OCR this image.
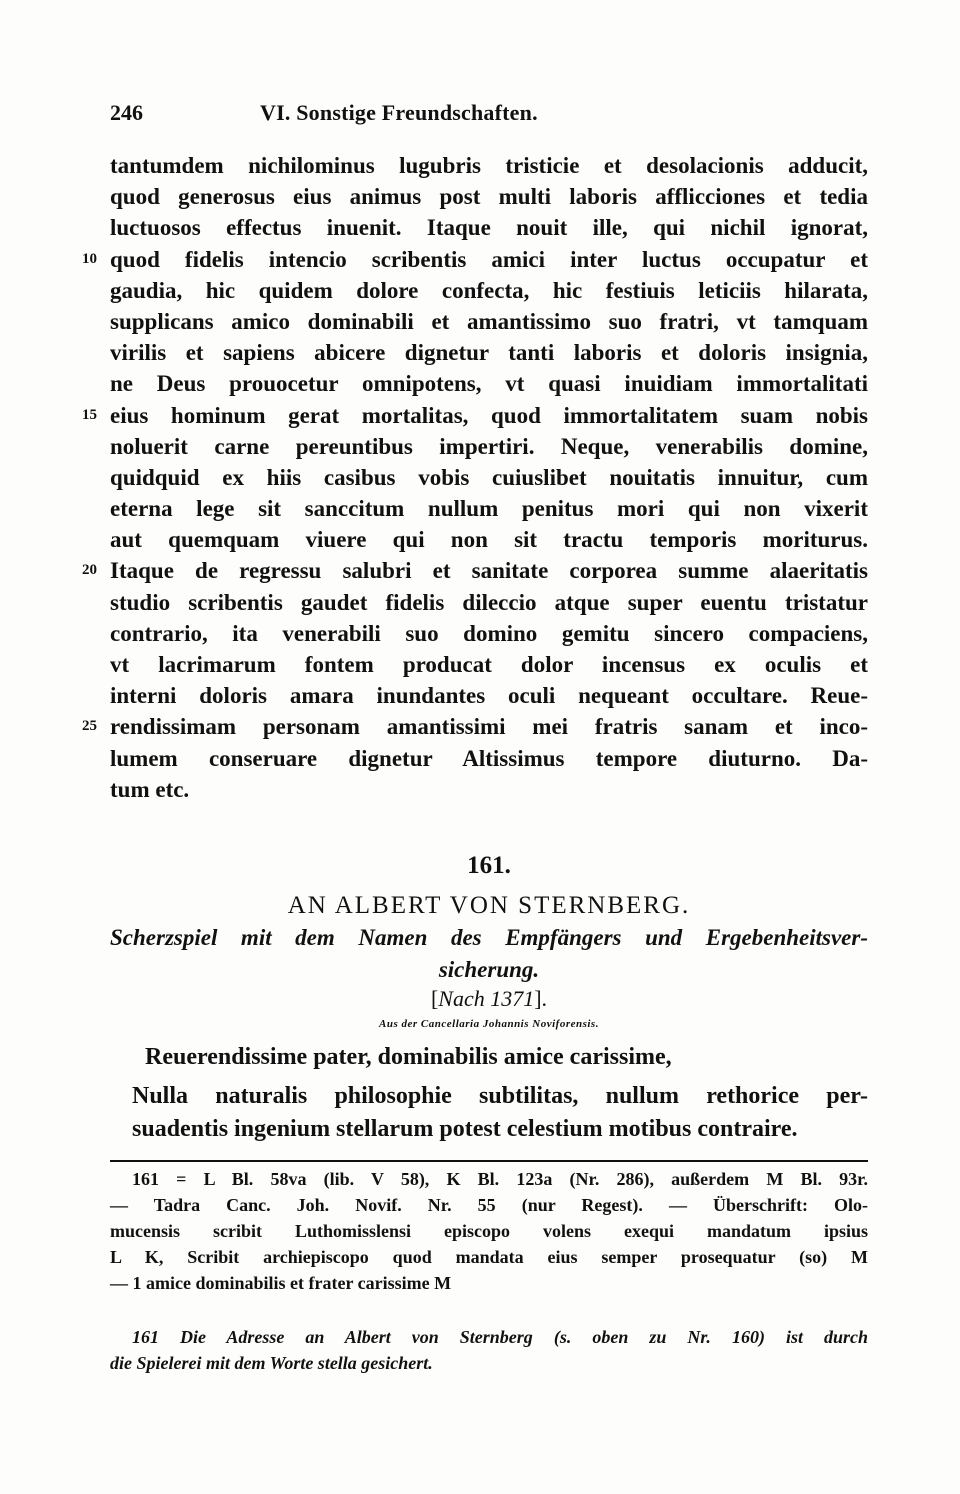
246	VI. Sonstige Freundschaften.
tantumdem nichilominus lugubris tristicie et desolacionis adducit,
quod generosus eius animus post multi laboris afflicciones et tedia
luctuosos effectus inuenit. Itaque nouit ille, qui nichil ignorat,
10 quod fidelis intencio scribentis amici inter luctus occupatur et
gaudia, hic quidem dolore confecta, hic festiuis leticiis hilarata,
supplicans amico dominabili et amantissimo suo fratri, vt tamquam
virilis et sapiens abicere dignetur tanti laboris et doloris insignia,
ne Deus prouocetur omnipotens, vt quasi inuidiam immortalitati
15 eius hominum gerat mortalitas, quod immortalitatem suam nobis
noluerit carne pereuntibus impertiri. Neque, venerabilis domine,
quidquid ex hiis casibus vobis cuiuslibet nouitatis innuitur, cum
eterna lege sit sanccitum nullum penitus mori qui non vixerit
aut quemquam viuere qui non sit tractu temporis moriturus.
20 Itaque de regressu salubri et sanitate corporea summe alaeritatis
studio scribentis gaudet fidelis dileccio atque super euentu tristatur
contrario, ita venerabili suo domino gemitu sincero compaciens,
vt lacrimarum fontem producat dolor incensus ex oculis et
interni doloris amara inundantes oculi nequeant occultare. Reue-
25 rendissimam personam amantissimi mei fratris sanam et inco-
lumem conseruare dignetur Altissimus tempore diuturno. Da-
tum etc.
161.
AN ALBERT VON STERNBERG.
Scherzspiel mit dem Namen des Empfängers und Ergebenheitsver-
sicherung.
[Nach 1371].
Aus der Cancellaria Johannis Noviforensis.
Reuerendissime pater, dominabilis amice carissime,
Nulla naturalis philosophie subtilitas, nullum rethorice per-
suadentis ingenium stellarum potest celestium motibus contraire.
161 = L Bl. 58va (lib. V 58), K Bl. 123a (Nr. 286), außerdem M Bl. 93r.
— Tadra Canc. Joh. Novif. Nr. 55 (nur Regest). — Überschrift: Olo-
mucensis scribit Luthomisslensi episcopo volens exequi mandatum ipsius
L K, Scribit archiepiscopo quod mandata eius semper prosequatur (so) M
— 1 amice dominabilis et frater carissime M
161 Die Adresse an Albert von Sternberg (s. oben zu Nr. 160) ist durch
die Spielerei mit dem Worte stella gesichert.
